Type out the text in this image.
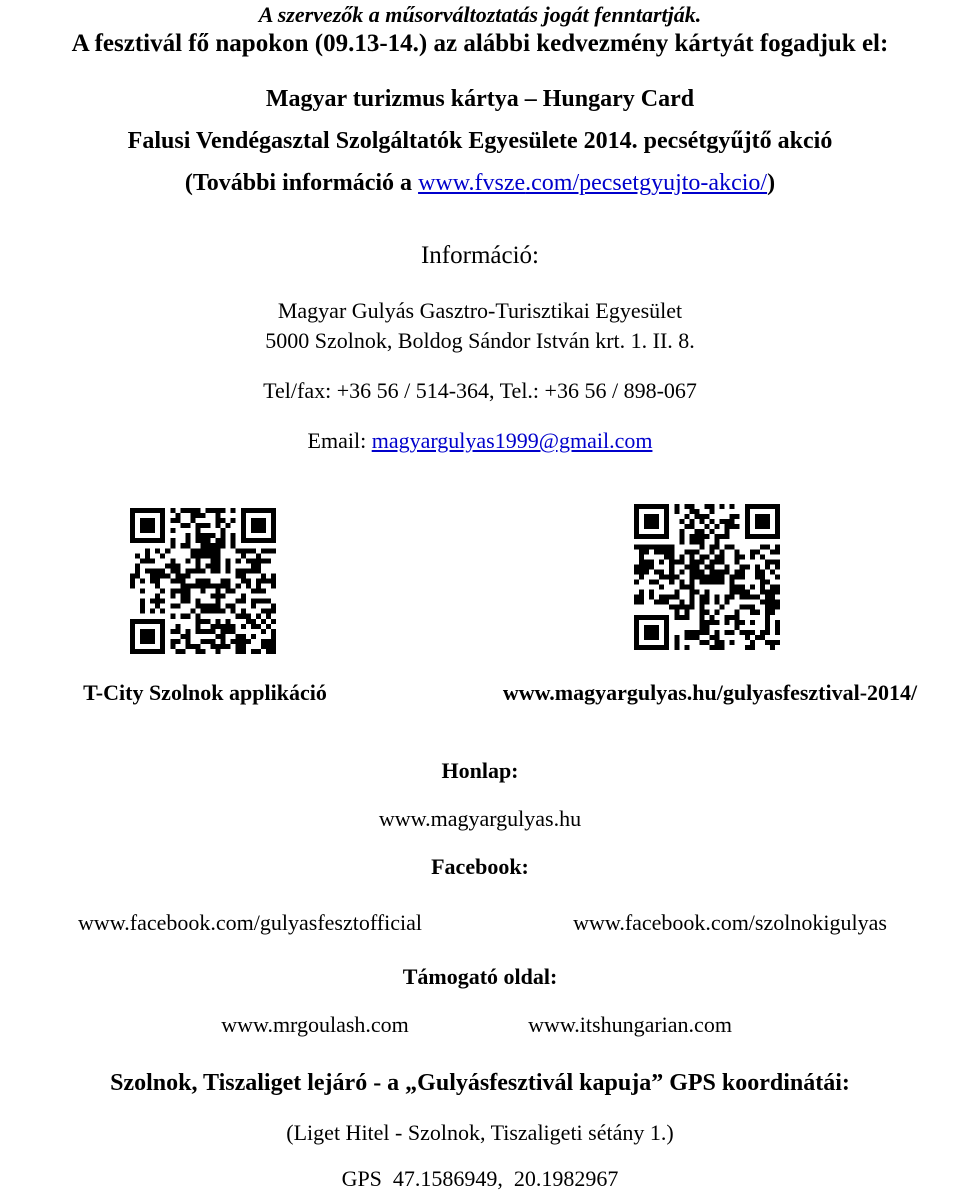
A szervezők a műsorváltoztatás jogát fenntartják.
A fesztivál fő napokon (09.13-14.) az alábbi kedvezmény kártyát fogadjuk el:
Magyar turizmus kártya – Hungary Card
Falusi Vendégasztal Szolgáltatók Egyesülete 2014. pecsétgyűjtő akció
(További információ a www.fvsze.com/pecsetgyujto-akcio/)
Információ:
Magyar Gulyás Gasztro-Turisztikai Egyesület
5000 Szolnok, Boldog Sándor István krt. 1. II. 8.
Tel/fax: +36 56 / 514-364, Tel.: +36 56 / 898-067
Email: magyargulyas1999@gmail.com
T-City Szolnok applikáció	www.magyargulyas.hu/gulyasfesztival-2014/
Honlap:
www.magyargulyas.hu
Facebook:
www.facebook.com/gulyasfesztofficial	www.facebook.com/szolnokigulyas
Támogató oldal:
www.mrgoulash.com	www.itshungarian.com
Szolnok, Tiszaliget lejáró - a „Gulyásfesztivál kapuja” GPS koordinátái:
(Liget Hitel - Szolnok, Tiszaligeti sétány 1.)
GPS  47.1586949,  20.1982967
